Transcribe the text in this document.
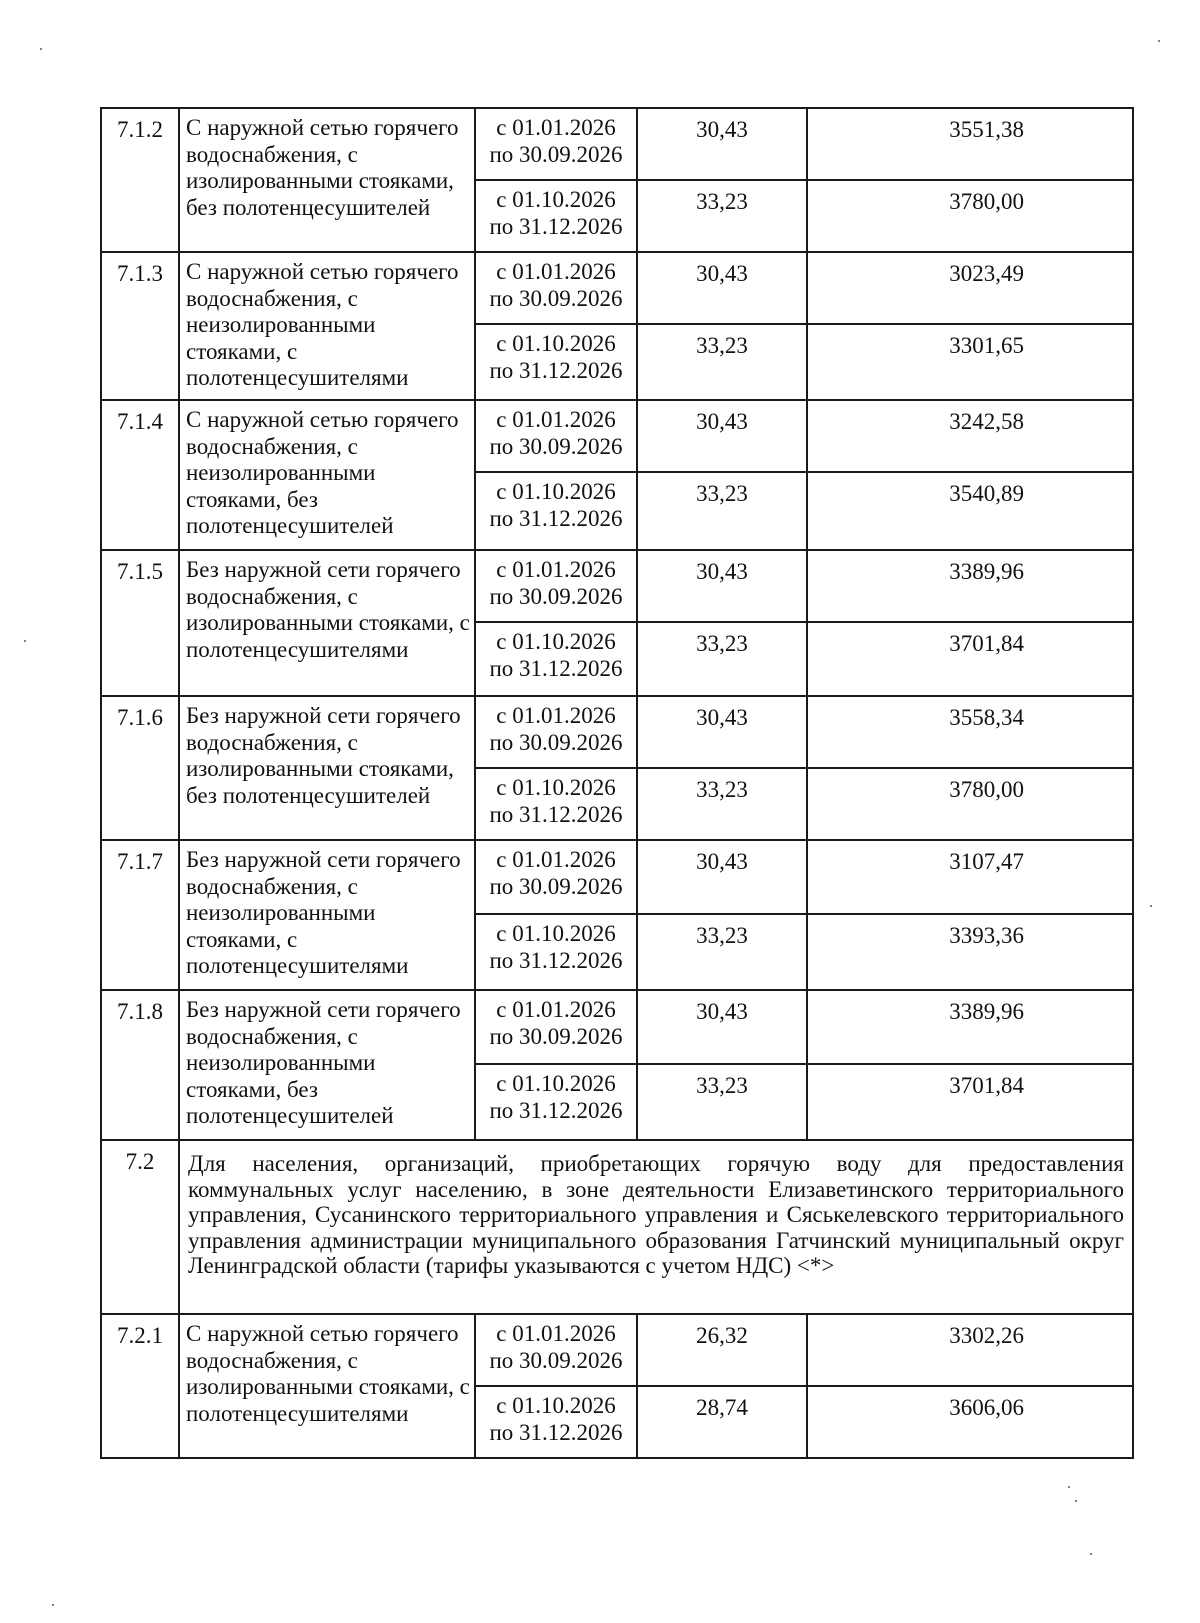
7.1.2	С наружной сетью горячего водоснабжения, с изолированными стояками, без полотенцесушителей	с 01.01.2026
по 30.09.2026	30,43	3551,38

		с 01.10.2026
по 31.12.2026	33,23	3780,00
7.1.3	С наружной сетью горячего водоснабжения, с неизолированными стояками, с полотенцесушителями	с 01.01.2026
по 30.09.2026	30,43	3023,49

		с 01.10.2026
по 31.12.2026	33,23	3301,65
7.1.4	С наружной сетью горячего водоснабжения, с неизолированными стояками, без полотенцесушителей	с 01.01.2026
по 30.09.2026	30,43	3242,58

		с 01.10.2026
по 31.12.2026	33,23	3540,89
7.1.5	Без наружной сети горячего водоснабжения, с изолированными стояками, с полотенцесушителями	с 01.01.2026
по 30.09.2026	30,43	3389,96

		с 01.10.2026
по 31.12.2026	33,23	3701,84
7.1.6	Без наружной сети горячего водоснабжения, с изолированными стояками, без полотенцесушителей	с 01.01.2026
по 30.09.2026	30,43	3558,34

		с 01.10.2026
по 31.12.2026	33,23	3780,00
7.1.7	Без наружной сети горячего водоснабжения, с неизолированными стояками, с полотенцесушителями	с 01.01.2026
по 30.09.2026	30,43	3107,47

		с 01.10.2026
по 31.12.2026	33,23	3393,36
7.1.8	Без наружной сети горячего водоснабжения, с неизолированными стояками, без полотенцесушителей	с 01.01.2026
по 30.09.2026	30,43	3389,96

		с 01.10.2026
по 31.12.2026	33,23	3701,84
7.2	Для населения, организаций, приобретающих горячую воду для предоставления коммунальных услуг населению, в зоне деятельности Елизаветинского территориального управления, Сусанинского территориального управления и Сяськелевского территориального управления администрации муниципального образования Гатчинский муниципальный округ Ленинградской области (тарифы указываются с учетом НДС) <*>			
7.2.1	С наружной сетью горячего водоснабжения, с изолированными стояками, с полотенцесушителями	с 01.01.2026
по 30.09.2026	26,32	3302,26

		с 01.10.2026
по 31.12.2026	28,74	3606,06
